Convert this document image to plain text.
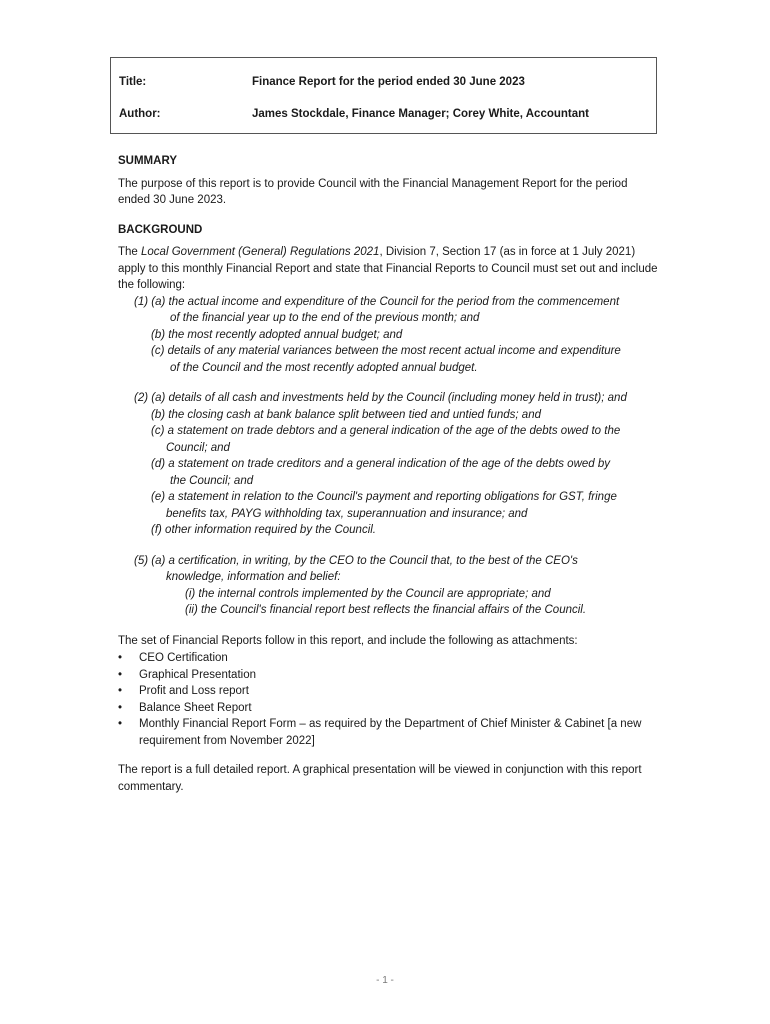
Title:	Finance Report for the period ended 30 June 2023
Author:	James Stockdale, Finance Manager; Corey White, Accountant
SUMMARY

The purpose of this report is to provide Council with the Financial Management Report for the period ended 30 June 2023.

BACKGROUND

The Local Government (General) Regulations 2021, Division 7, Section 17 (as in force at 1 July 2021) apply to this monthly Financial Report and state that Financial Reports to Council must set out and include the following:

(1) (a) the actual income and expenditure of the Council for the period from the commencement

of the financial year up to the end of the previous month; and

(b) the most recently adopted annual budget; and

(c) details of any material variances between the most recent actual income and expenditure

of the Council and the most recently adopted annual budget.

(2) (a) details of all cash and investments held by the Council (including money held in trust); and

(b) the closing cash at bank balance split between tied and untied funds; and

(c) a statement on trade debtors and a general indication of the age of the debts owed to the

Council; and

(d) a statement on trade creditors and a general indication of the age of the debts owed by

the Council; and

(e) a statement in relation to the Council's payment and reporting obligations for GST, fringe

benefits tax, PAYG withholding tax, superannuation and insurance; and

(f) other information required by the Council.

(5) (a) a certification, in writing, by the CEO to the Council that, to the best of the CEO's

knowledge, information and belief:

(i) the internal controls implemented by the Council are appropriate; and

(ii) the Council's financial report best reflects the financial affairs of the Council.

The set of Financial Reports follow in this report, and include the following as attachments:

• CEO Certification
• Graphical Presentation
• Profit and Loss report
• Balance Sheet Report
• Monthly Financial Report Form – as required by the Department of Chief Minister & Cabinet [a new requirement from November 2022]

The report is a full detailed report. A graphical presentation will be viewed in conjunction with this report commentary.

- 1 -
